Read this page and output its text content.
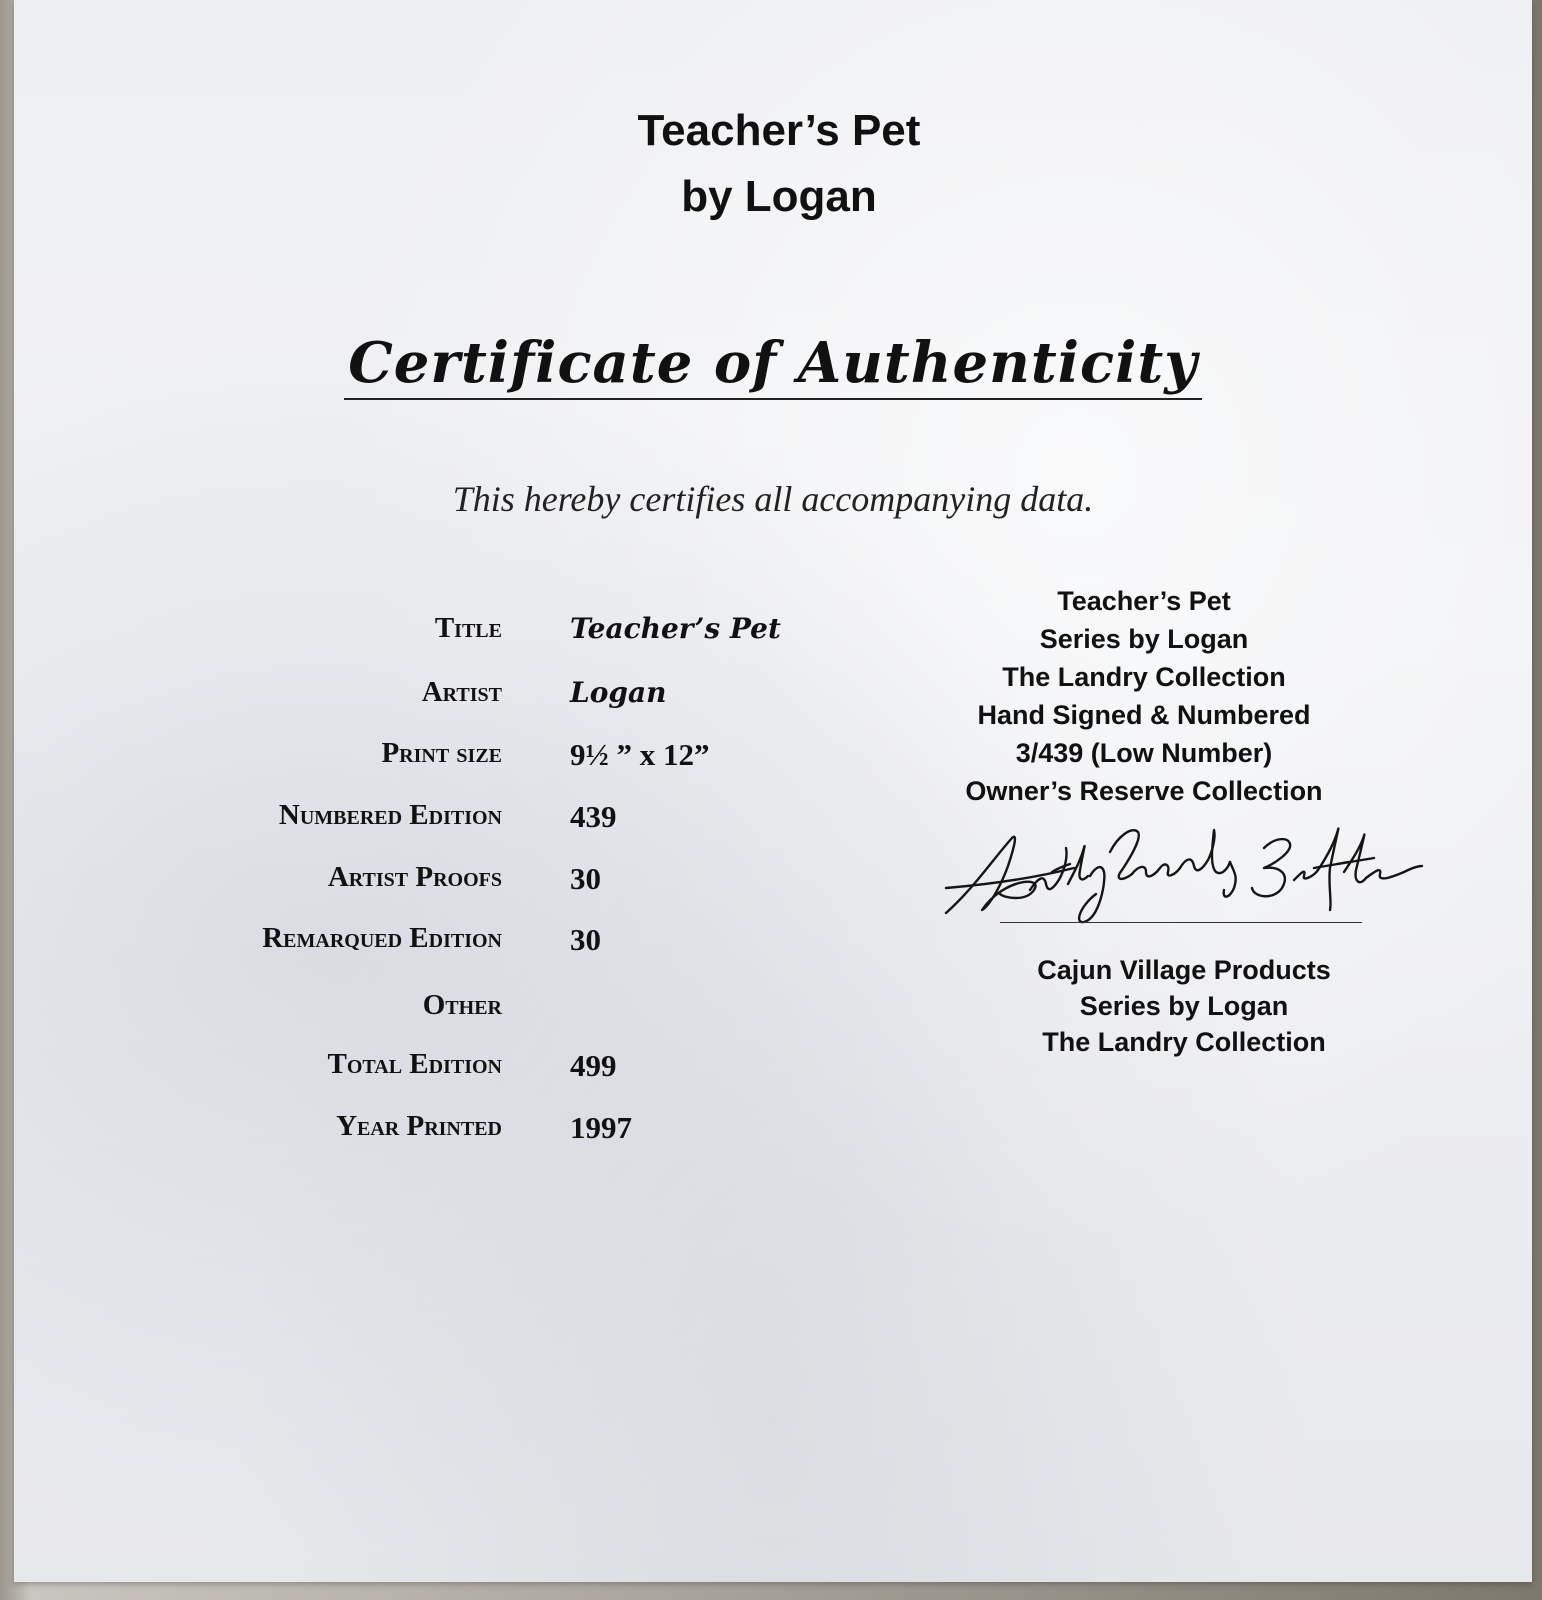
Teacher’s Pet
by Logan
Certificate of Authenticity
This hereby certifies all accompanying data.
Title Teacher’s Pet
Artist Logan
Print size 9½ ” x 12”
Numbered Edition 439
Artist Proofs 30
Remarqued Edition 30
Other
Total Edition 499
Year Printed 1997
Teacher’s Pet
Series by Logan
The Landry Collection
Hand Signed & Numbered
3/439 (Low Number)
Owner’s Reserve Collection
Betty Landry Geffe
Cajun Village Products
Series by Logan
The Landry Collection
